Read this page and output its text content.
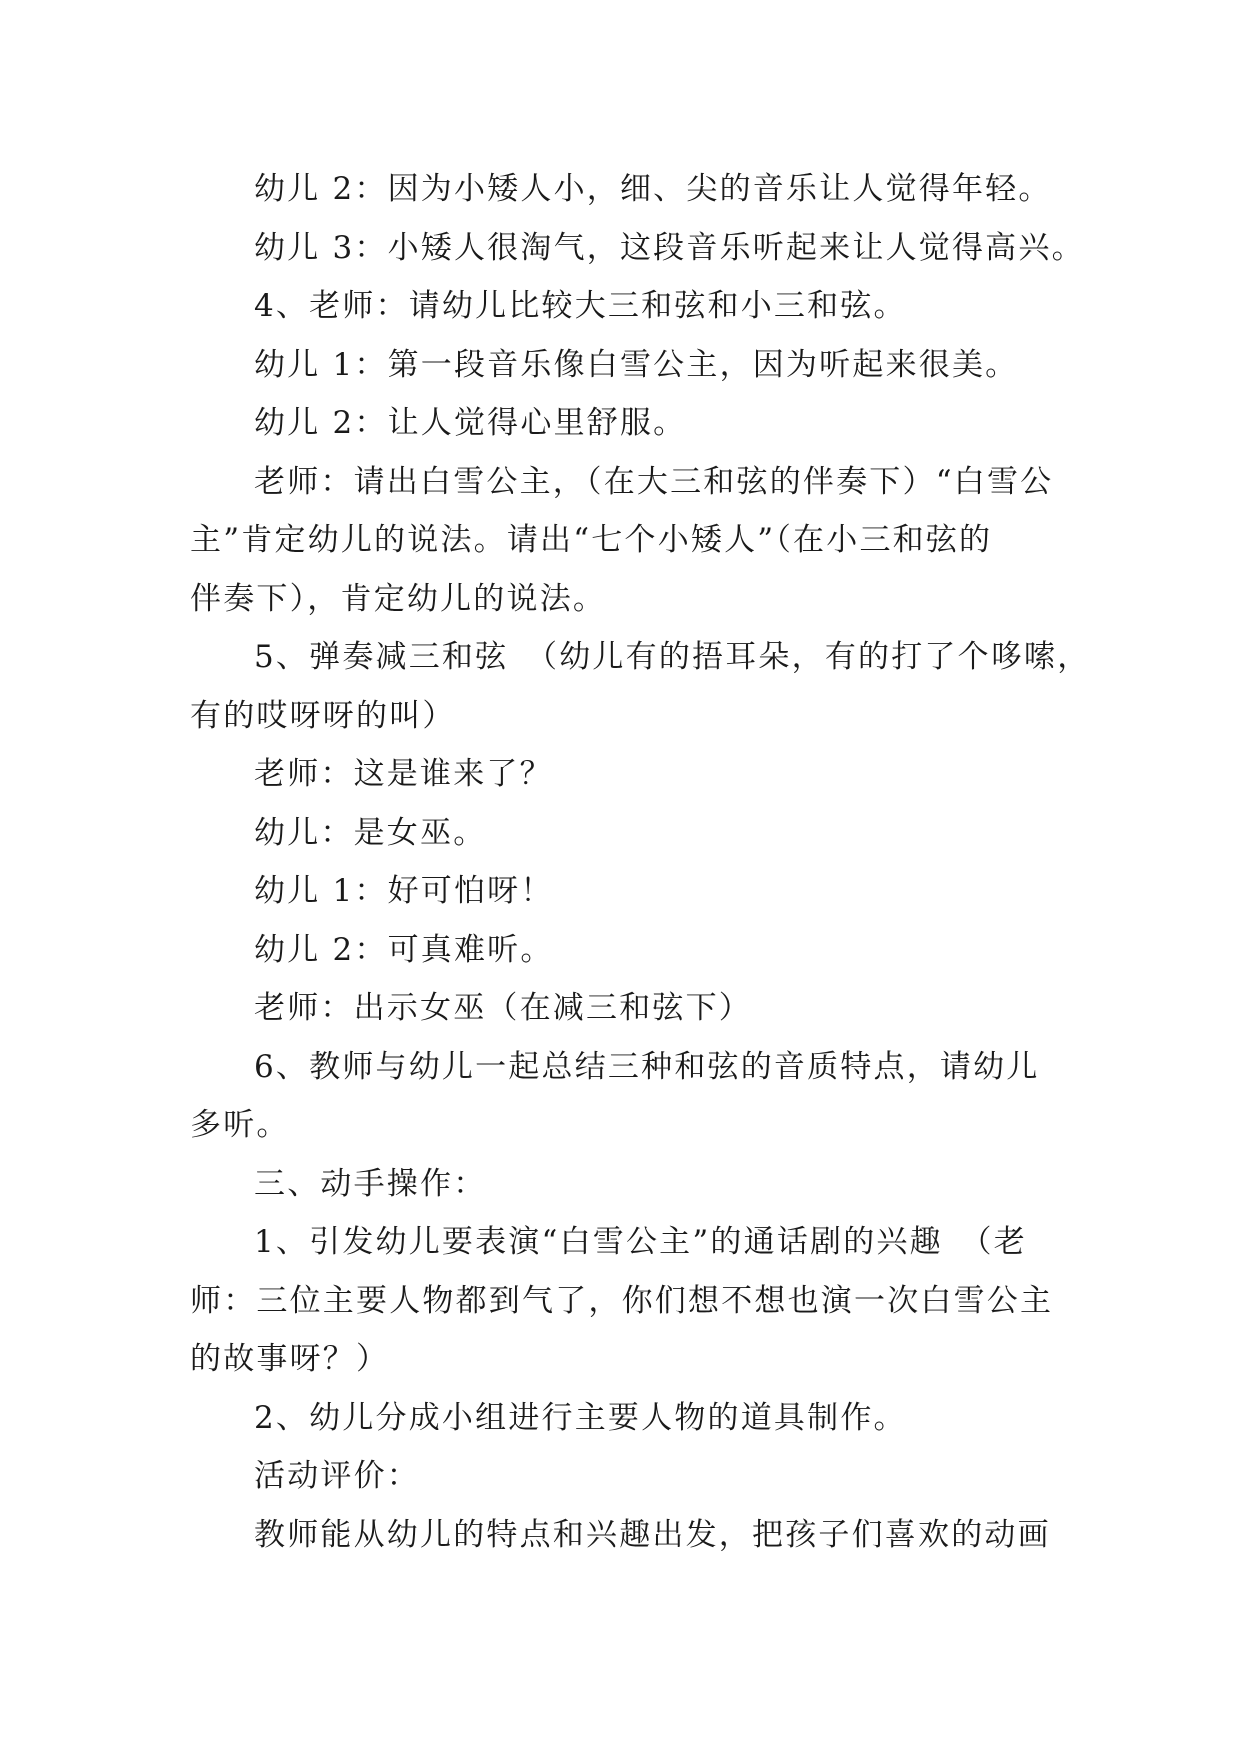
幼儿 2：因为小矮人小，细、尖的音乐让人觉得年轻。
幼儿 3：小矮人很淘气，这段音乐听起来让人觉得高兴。
4、老师：请幼儿比较大三和弦和小三和弦。
幼儿 1：第一段音乐像白雪公主，因为听起来很美。
幼儿 2：让人觉得心里舒服。
老师：请出白雪公主，（在大三和弦的伴奏下）“白雪公
主”肯定幼儿的说法。请出“七个小矮人”（在小三和弦的
伴奏下），肯定幼儿的说法。
5、弹奏减三和弦　（幼儿有的捂耳朵，有的打了个哆嗦，
有的哎呀呀的叫）
老师：这是谁来了？
幼儿：是女巫。
幼儿 1：好可怕呀！
幼儿 2：可真难听。
老师：出示女巫（在减三和弦下）
6、教师与幼儿一起总结三种和弦的音质特点，请幼儿
多听。
三、动手操作：
1、引发幼儿要表演“白雪公主”的通话剧的兴趣　（老
师：三位主要人物都到气了，你们想不想也演一次白雪公主
的故事呀？）
2、幼儿分成小组进行主要人物的道具制作。
活动评价：
教师能从幼儿的特点和兴趣出发，把孩子们喜欢的动画
